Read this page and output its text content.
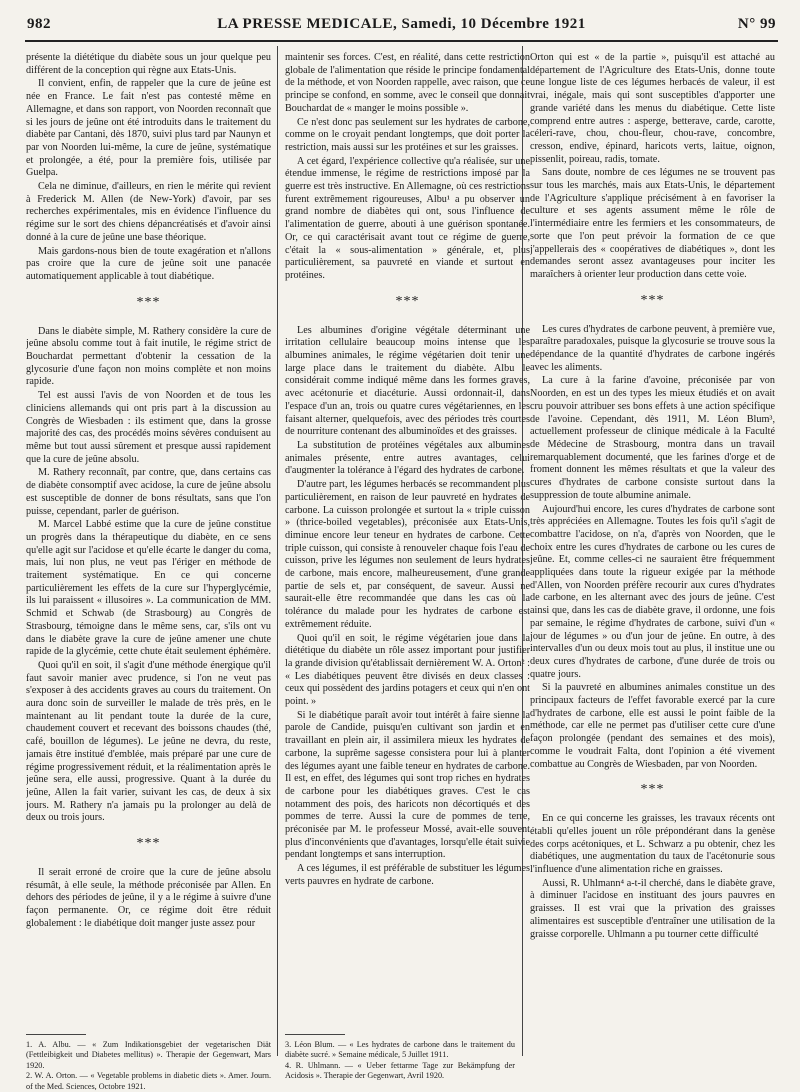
982	LA PRESSE MEDICALE, Samedi, 10 Décembre 1921	N° 99

présente la diététique du diabète sous un jour quelque peu différent de la conception qui règne aux Etats-Unis.

Il convient, enfin, de rappeler que la cure de jeûne est née en France. Le fait n'est pas contesté même en Allemagne, et dans son rapport, von Noorden reconnaît que si les jours de jeûne ont été introduits dans le traitement du diabète par Cantani, dès 1870, suivi plus tard par Naunyn et par von Noorden lui-même, la cure de jeûne, systématique et prolongée, a été, pour la première fois, utilisée par Guelpa.

Cela ne diminue, d'ailleurs, en rien le mérite qui revient à Frederick M. Allen (de New-York) d'avoir, par ses recherches expérimentales, mis en évidence l'influence du régime sur le sort des chiens dépancréatisés et d'avoir ainsi donné à la cure de jeûne une base théorique.

Mais gardons-nous bien de toute exagération et n'allons pas croire que la cure de jeûne soit une panacée automatiquement applicable à tout diabétique.

***

Dans le diabète simple, M. Rathery considère la cure de jeûne absolu comme tout à fait inutile, le régime strict de Bouchardat permettant d'obtenir la cessation de la glycosurie d'une façon non moins complète et non moins rapide.

Tel est aussi l'avis de von Noorden et de tous les cliniciens allemands qui ont pris part à la discussion au Congrès de Wiesbaden : ils estiment que, dans la grosse majorité des cas, des procédés moins sévères conduisent au même but tout aussi sûrement et presque aussi rapidement que la cure de jeûne absolu.

M. Rathery reconnaît, par contre, que, dans certains cas de diabète consomptif avec acidose, la cure de jeûne absolu est susceptible de donner de bons résultats, sans que l'on puisse, cependant, parler de guérison.

M. Marcel Labbé estime que la cure de jeûne constitue un progrès dans la thérapeutique du diabète, en ce sens qu'elle agit sur l'acidose et qu'elle écarte le danger du coma, mais, lui non plus, ne veut pas l'ériger en méthode de traitement systématique. En ce qui concerne particulièrement les effets de la cure sur l'hyperglycémie, ils lui paraissent « illusoires ». La communication de MM. Schmid et Schwab (de Strasbourg) au Congrès de Strasbourg, témoigne dans le même sens, car, s'ils ont vu dans le diabète grave la cure de jeûne amener une chute rapide de la glycémie, cette chute était seulement éphémère.

Quoi qu'il en soit, il s'agit d'une méthode énergique qu'il faut savoir manier avec prudence, si l'on ne veut pas s'exposer à des accidents graves au cours du traitement. On aura donc soin de surveiller le malade de très près, en le maintenant au lit pendant toute la durée de la cure, chaudement couvert et recevant des boissons chaudes (thé, café, bouillon de légumes). Le jeûne ne devra, du reste, jamais être institué d'emblée, mais préparé par une cure de régime progressivement réduit, et la réalimentation après le jeûne sera, elle aussi, progressive. Quant à la durée du jeûne, Allen la fait varier, suivant les cas, de deux à six jours. M. Rathery n'a jamais pu la prolonger au delà de deux ou trois jours.

***

Il serait erroné de croire que la cure de jeûne absolu résumât, à elle seule, la méthode préconisée par Allen. En dehors des périodes de jeûne, il y a le régime à suivre d'une façon permanente. Or, ce régime doit être réduit globalement : le diabétique doit manger juste assez pour

maintenir ses forces. C'est, en réalité, dans cette restriction globale de l'alimentation que réside le principe fondamental de la méthode, et von Noorden rappelle, avec raison, que ce principe se confond, en somme, avec le conseil que donnait Bouchardat de « manger le moins possible ».

Ce n'est donc pas seulement sur les hydrates de carbone, comme on le croyait pendant longtemps, que doit porter la restriction, mais aussi sur les protéines et sur les graisses.

A cet égard, l'expérience collective qu'a réalisée, sur une étendue immense, le régime de restrictions imposé par la guerre est très instructive. En Allemagne, où ces restrictions furent extrêmement rigoureuses, Albu¹ a pu observer un grand nombre de diabètes qui ont, sous l'influence de l'alimentation de guerre, abouti à une guérison spontanée. Or, ce qui caractérisait avant tout ce régime de guerre, c'était la « sous-alimentation » générale, et, plus particulièrement, sa pauvreté en viande et surtout en protéines.

***

Les albumines d'origine végétale déterminant une irritation cellulaire beaucoup moins intense que les albumines animales, le régime végétarien doit tenir une large place dans le traitement du diabète. Albu le considérait comme indiqué même dans les formes graves, avec acétonurie et diacéturie. Aussi ordonnait-il, dans l'espace d'un an, trois ou quatre cures végétariennes, en les faisant alterner, quelquefois, avec des périodes très courtes de nourriture contenant des albuminoïdes et des graisses.

La substitution de protéines végétales aux albumines animales présente, entre autres avantages, celui d'augmenter la tolérance à l'égard des hydrates de carbone.

D'autre part, les légumes herbacés se recommandent plus particulièrement, en raison de leur pauvreté en hydrates de carbone. La cuisson prolongée et surtout la « triple cuisson » (thrice-boiled vegetables), préconisée aux Etats-Unis, diminue encore leur teneur en hydrates de carbone. Cette triple cuisson, qui consiste à renouveler chaque fois l'eau de cuisson, prive les légumes non seulement de leurs hydrates de carbone, mais encore, malheureusement, d'une grande partie de sels et, par conséquent, de saveur. Aussi ne saurait-elle être recommandée que dans les cas où la tolérance du malade pour les hydrates de carbone est extrêmement réduite.

Quoi qu'il en soit, le régime végétarien joue dans la diététique du diabète un rôle assez important pour justifier la grande division qu'établissait dernièrement W. A. Orton² : « Les diabétiques peuvent être divisés en deux classes : ceux qui possèdent des jardins potagers et ceux qui n'en ont point. »

Si le diabétique paraît avoir tout intérêt à faire sienne la parole de Candide, puisqu'en cultivant son jardin et en travaillant en plein air, il assimilera mieux les hydrates de carbone, la suprême sagesse consistera pour lui à planter des légumes ayant une faible teneur en hydrates de carbone. Il est, en effet, des légumes qui sont trop riches en hydrates de carbone pour les diabétiques graves. C'est le cas notamment des pois, des haricots non décortiqués et des pommes de terre. Aussi la cure de pommes de terre, préconisée par M. le professeur Mossé, avait-elle souvent plus d'inconvénients que d'avantages, lorsqu'elle était suivie pendant longtemps et sans interruption.

A ces légumes, il est préférable de substituer les légumes verts pauvres en hydrate de carbone.

Orton qui est « de la partie », puisqu'il est attaché au département de l'Agriculture des Etats-Unis, donne toute une longue liste de ces légumes herbacés de valeur, il est vrai, inégale, mais qui sont susceptibles d'apporter une grande variété dans les menus du diabétique. Cette liste comprend entre autres : asperge, betterave, carde, carotte, céleri-rave, chou, chou-fleur, chou-rave, concombre, cresson, endive, épinard, haricots verts, laitue, oignon, pissenlit, poireau, radis, tomate.

Sans doute, nombre de ces légumes ne se trouvent pas sur tous les marchés, mais aux Etats-Unis, le département de l'Agriculture s'applique précisément à en favoriser la culture et ses agents assument même le rôle de l'intermédiaire entre les fermiers et les consommateurs, de sorte que l'on peut prévoir la formation de ce que j'appellerais des « coopératives de diabétiques », dont les demandes seront assez avantageuses pour inciter les maraîchers à orienter leur production dans cette voie.

***

Les cures d'hydrates de carbone peuvent, à première vue, paraître paradoxales, puisque la glycosurie se trouve sous la dépendance de la quantité d'hydrates de carbone ingérés avec les aliments.

La cure à la farine d'avoine, préconisée par von Noorden, en est un des types les mieux étudiés et on avait cru pouvoir attribuer ses bons effets à une action spécifique de l'avoine. Cependant, dès 1911, M. Léon Blum³, actuellement professeur de clinique médicale à la Faculté de Médecine de Strasbourg, montra dans un travail remarquablement documenté, que les farines d'orge et de froment donnent les mêmes résultats et que la valeur des cures d'hydrates de carbone consiste surtout dans la suppression de toute albumine animale.

Aujourd'hui encore, les cures d'hydrates de carbone sont très appréciées en Allemagne. Toutes les fois qu'il s'agit de combattre l'acidose, on n'a, d'après von Noorden, que le choix entre les cures d'hydrates de carbone ou les cures de jeûne. Et, comme celles-ci ne sauraient être fréquemment appliquées dans toute la rigueur exigée par la méthode d'Allen, von Noorden préfère recourir aux cures d'hydrates de carbone, en les alternant avec des jours de jeûne. C'est ainsi que, dans les cas de diabète grave, il ordonne, une fois par semaine, le régime d'hydrates de carbone, suivi d'un « jour de légumes » ou d'un jour de jeûne. En outre, à des intervalles d'un ou deux mois tout au plus, il institue une ou deux cures d'hydrates de carbone, d'une durée de trois ou quatre jours.

Si la pauvreté en albumines animales constitue un des principaux facteurs de l'effet favorable exercé par la cure d'hydrates de carbone, elle est aussi le point faible de la méthode, car elle ne permet pas d'utiliser cette cure d'une façon prolongée (pendant des semaines et des mois), comme le voudrait Falta, dont l'opinion a été vivement combattue au Congrès de Wiesbaden, par von Noorden.

***

En ce qui concerne les graisses, les travaux récents ont établi qu'elles jouent un rôle prépondérant dans la genèse des corps acétoniques, et L. Schwarz a pu obtenir, chez les diabétiques, une augmentation du taux de l'acétonurie sous l'influence d'une alimentation riche en graisses.

Aussi, R. Uhlmann⁴ a-t-il cherché, dans le diabète grave, à diminuer l'acidose en instituant des jours pauvres en graisses. Il est vrai que la privation des graisses alimentaires est susceptible d'entraîner une utilisation de la graisse corporelle. Uhlmann a pu tourner cette difficulté

1. A. Albu. — « Zum Indikationsgebiet der vegetarischen Diät (Fettleibigkeit und Diabetes mellitus) ». Therapie der Gegenwart, Mars 1920.
2. W. A. Orton. — « Vegetable problems in diabetic diets ». Amer. Journ. of the Med. Sciences, Octobre 1921.
3. Léon Blum. — « Les hydrates de carbone dans le traitement du diabète sucré. » Semaine médicale, 5 Juillet 1911.
4. R. Uhlmann. — « Ueber fettarme Tage zur Bekämpfung der Acidosis ». Therapie der Gegenwart, Avril 1920.
